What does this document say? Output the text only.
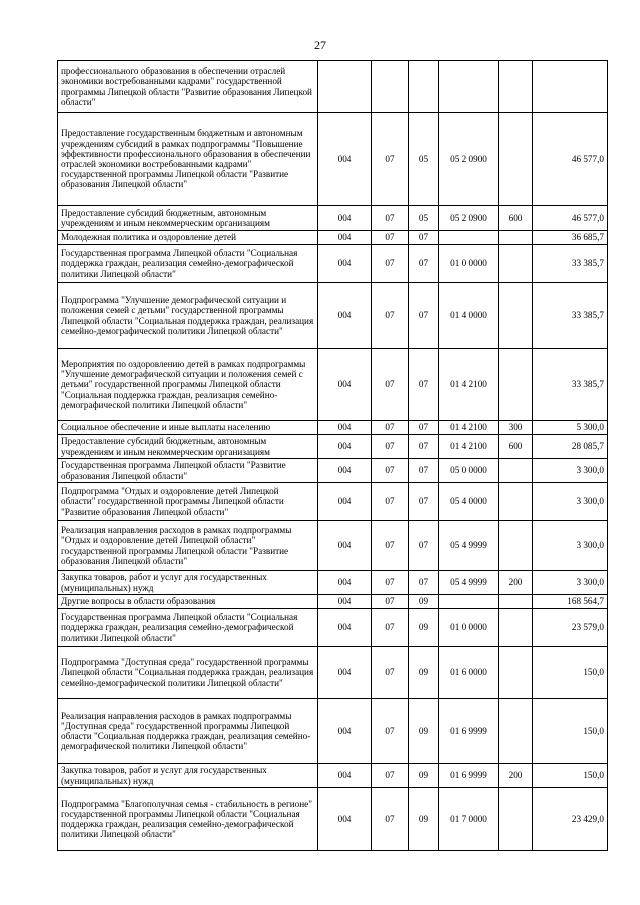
27
профессионального образования в обеспечении отраслей экономики востребованными кадрами" государственной программы Липецкой области "Развитие образования Липецкой области"						
Предоставление государственным бюджетным и автономным учреждениям субсидий в рамках подпрограммы "Повышение эффективности профессионального образования в обеспечении отраслей экономики востребованными кадрами" государственной программы Липецкой области "Развитие образования Липецкой области"	004	07	05	05 2 0900		46 577,0
Предоставление субсидий бюджетным, автономным учреждениям и иным некоммерческим организациям	004	07	05	05 2 0900	600	46 577,0
Молодежная политика и оздоровление детей	004	07	07			36 685,7
Государственная программа Липецкой области "Социальная поддержка граждан, реализация семейно-демографической политики Липецкой области"	004	07	07	01 0 0000		33 385,7
Подпрограмма "Улучшение демографической ситуации и положения семей с детьми" государственной программы Липецкой области "Социальная поддержка граждан, реализация семейно-демографической политики Липецкой области"	004	07	07	01 4 0000		33 385,7
Мероприятия по оздоровлению детей в рамках подпрограммы "Улучшение демографической ситуации и положения семей с детьми" государственной программы Липецкой области "Социальная поддержка граждан, реализация семейно-демографической политики Липецкой области"	004	07	07	01 4 2100		33 385,7
Социальное обеспечение и иные выплаты населению	004	07	07	01 4 2100	300	5 300,0
Предоставление субсидий бюджетным, автономным учреждениям и иным некоммерческим организациям	004	07	07	01 4 2100	600	28 085,7
Государственная программа Липецкой области "Развитие образования Липецкой области"	004	07	07	05 0 0000		3 300,0
Подпрограмма "Отдых и оздоровление детей Липецкой области" государственной программы Липецкой области "Развитие образования Липецкой области"	004	07	07	05 4 0000		3 300,0
Реализация направления расходов в рамках подпрограммы "Отдых и оздоровление детей Липецкой области" государственной программы Липецкой области "Развитие образования Липецкой области"	004	07	07	05 4 9999		3 300,0
Закупка товаров, работ и услуг для государственных (муниципальных) нужд	004	07	07	05 4 9999	200	3 300,0
Другие вопросы в области образования	004	07	09			168 564,7
Государственная программа Липецкой области "Социальная поддержка граждан, реализация семейно-демографической политики Липецкой области"	004	07	09	01 0 0000		23 579,0
Подпрограмма "Доступная среда" государственной программы Липецкой области "Социальная поддержка граждан, реализация семейно-демографической политики Липецкой области"	004	07	09	01 6 0000		150,0
Реализация направления расходов в рамках подпрограммы "Доступная среда" государственной программы Липецкой области "Социальная поддержка граждан, реализация семейно-демографической политики Липецкой области"	004	07	09	01 6 9999		150,0
Закупка товаров, работ и услуг для государственных (муниципальных) нужд	004	07	09	01 6 9999	200	150,0
Подпрограмма "Благополучная семья - стабильность в регионе" государственной программы Липецкой области "Социальная поддержка граждан, реализация семейно-демографической политики Липецкой области"	004	07	09	01 7 0000		23 429,0
